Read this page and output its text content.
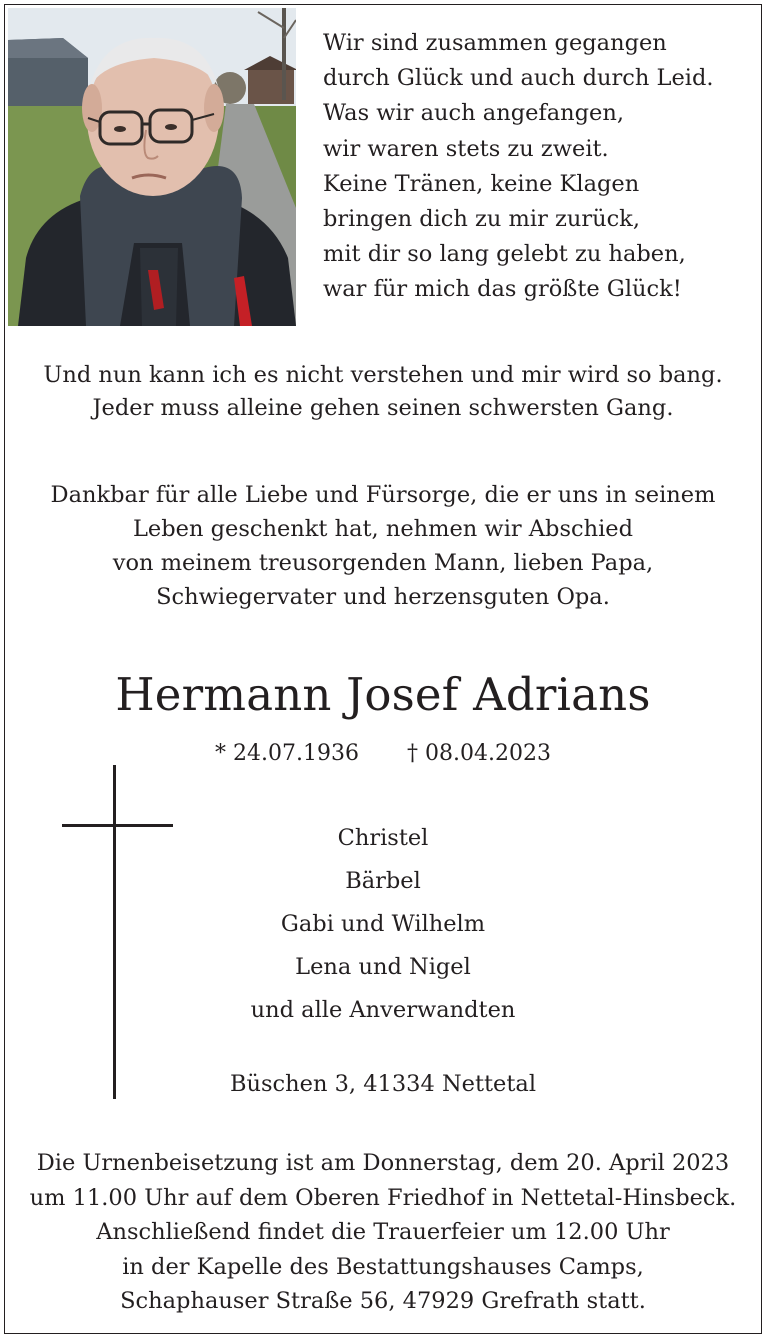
Wir sind zusammen gegangen
durch Glück und auch durch Leid.
Was wir auch angefangen,
wir waren stets zu zweit.
Keine Tränen, keine Klagen
bringen dich zu mir zurück,
mit dir so lang gelebt zu haben,
war für mich das größte Glück!
Und nun kann ich es nicht verstehen und mir wird so bang.
Jeder muss alleine gehen seinen schwersten Gang.
Dankbar für alle Liebe und Fürsorge, die er uns in seinem
Leben geschenkt hat, nehmen wir Abschied
von meinem treusorgenden Mann, lieben Papa,
Schwiegervater und herzensguten Opa.
Hermann Josef Adrians
* 24.07.1936 † 08.04.2023
Christel
Bärbel
Gabi und Wilhelm
Lena und Nigel
und alle Anverwandten
Büschen 3, 41334 Nettetal
Die Urnenbeisetzung ist am Donnerstag, dem 20. April 2023
um 11.00 Uhr auf dem Oberen Friedhof in Nettetal-Hinsbeck.
Anschließend findet die Trauerfeier um 12.00 Uhr
in der Kapelle des Bestattungshauses Camps,
Schaphauser Straße 56, 47929 Grefrath statt.
